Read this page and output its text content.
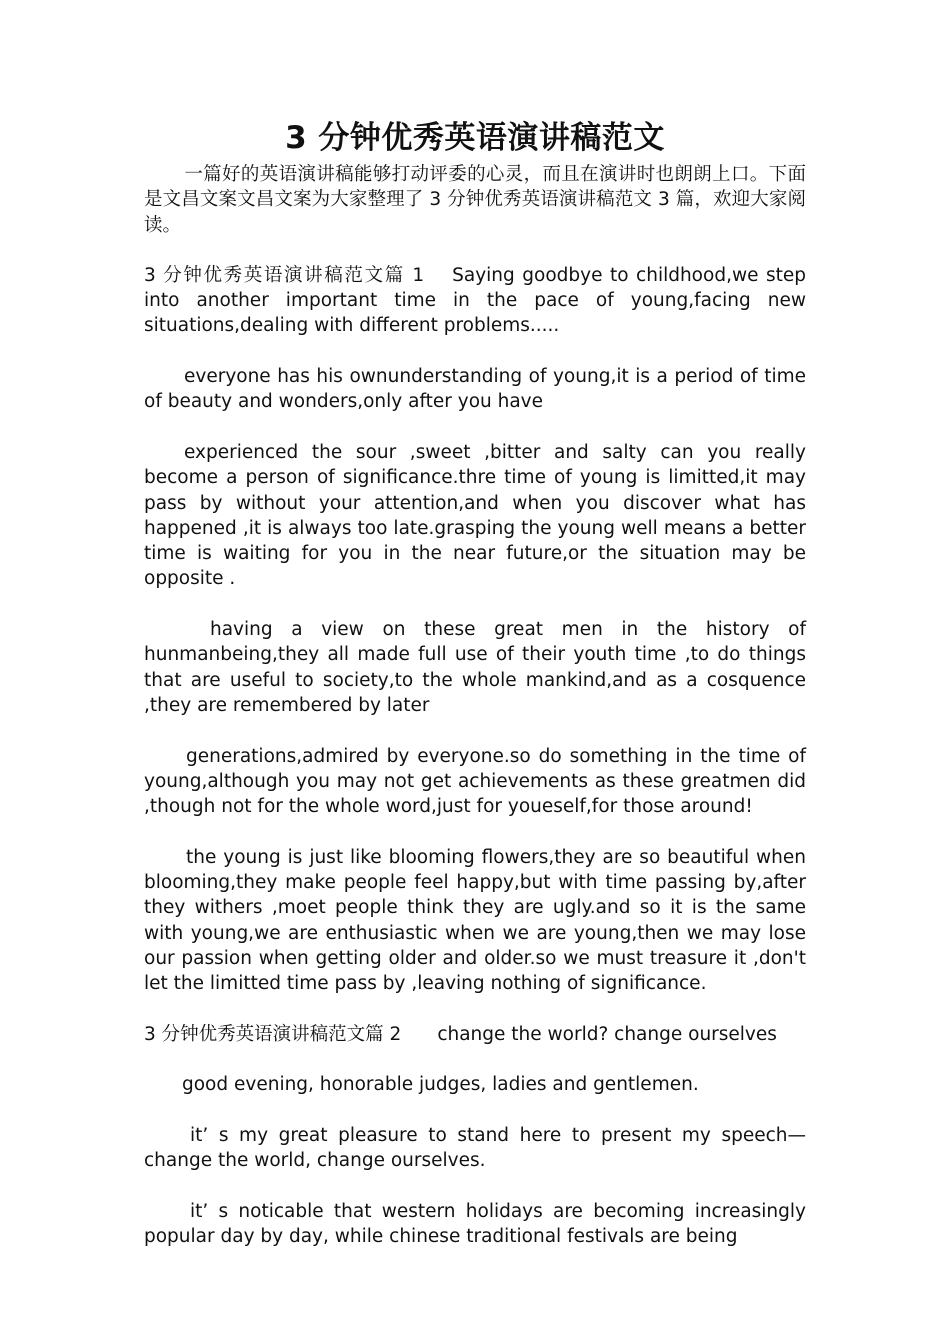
3 分钟优秀英语演讲稿范文

一篇好的英语演讲稿能够打动评委的心灵，而且在演讲时也朗朗上口。下面是文昌文案文昌文案为大家整理了 3 分钟优秀英语演讲稿范文 3 篇，欢迎大家阅读。

3 分钟优秀英语演讲稿范文篇 1 Saying goodbye to childhood,we step into another important time in the pace of young,facing new situations,dealing with different problems.....

everyone has his ownunderstanding of young,it is a period of time of beauty and wonders,only after you have

experienced the sour ,sweet ,bitter and salty can you really become a person of significance.thre time of young is limitted,it may pass by without your attention,and when you discover what has happened ,it is always too late.grasping the young well means a better time is waiting for you in the near future,or the situation may be opposite .

having a view on these great men in the history of hunmanbeing,they all made full use of their youth time ,to do things that are useful to society,to the whole mankind,and as a cosquence ,they are remembered by later

generations,admired by everyone.so do something in the time of young,although you may not get achievements as these greatmen did ,though not for the whole word,just for youeself,for those around!

the young is just like blooming flowers,they are so beautiful when blooming,they make people feel happy,but with time passing by,after they withers ,moet people think they are ugly.and so it is the same with young,we are enthusiastic when we are young,then we may lose our passion when getting older and older.so we must treasure it ,don't let the limitted time pass by ,leaving nothing of significance.

3 分钟优秀英语演讲稿范文篇 2 change the world? change ourselves

good evening, honorable judges, ladies and gentlemen.

it’ s my great pleasure to stand here to present my speech—change the world, change ourselves.

it’ s noticable that western holidays are becoming increasingly popular day by day, while chinese traditional festivals are being
